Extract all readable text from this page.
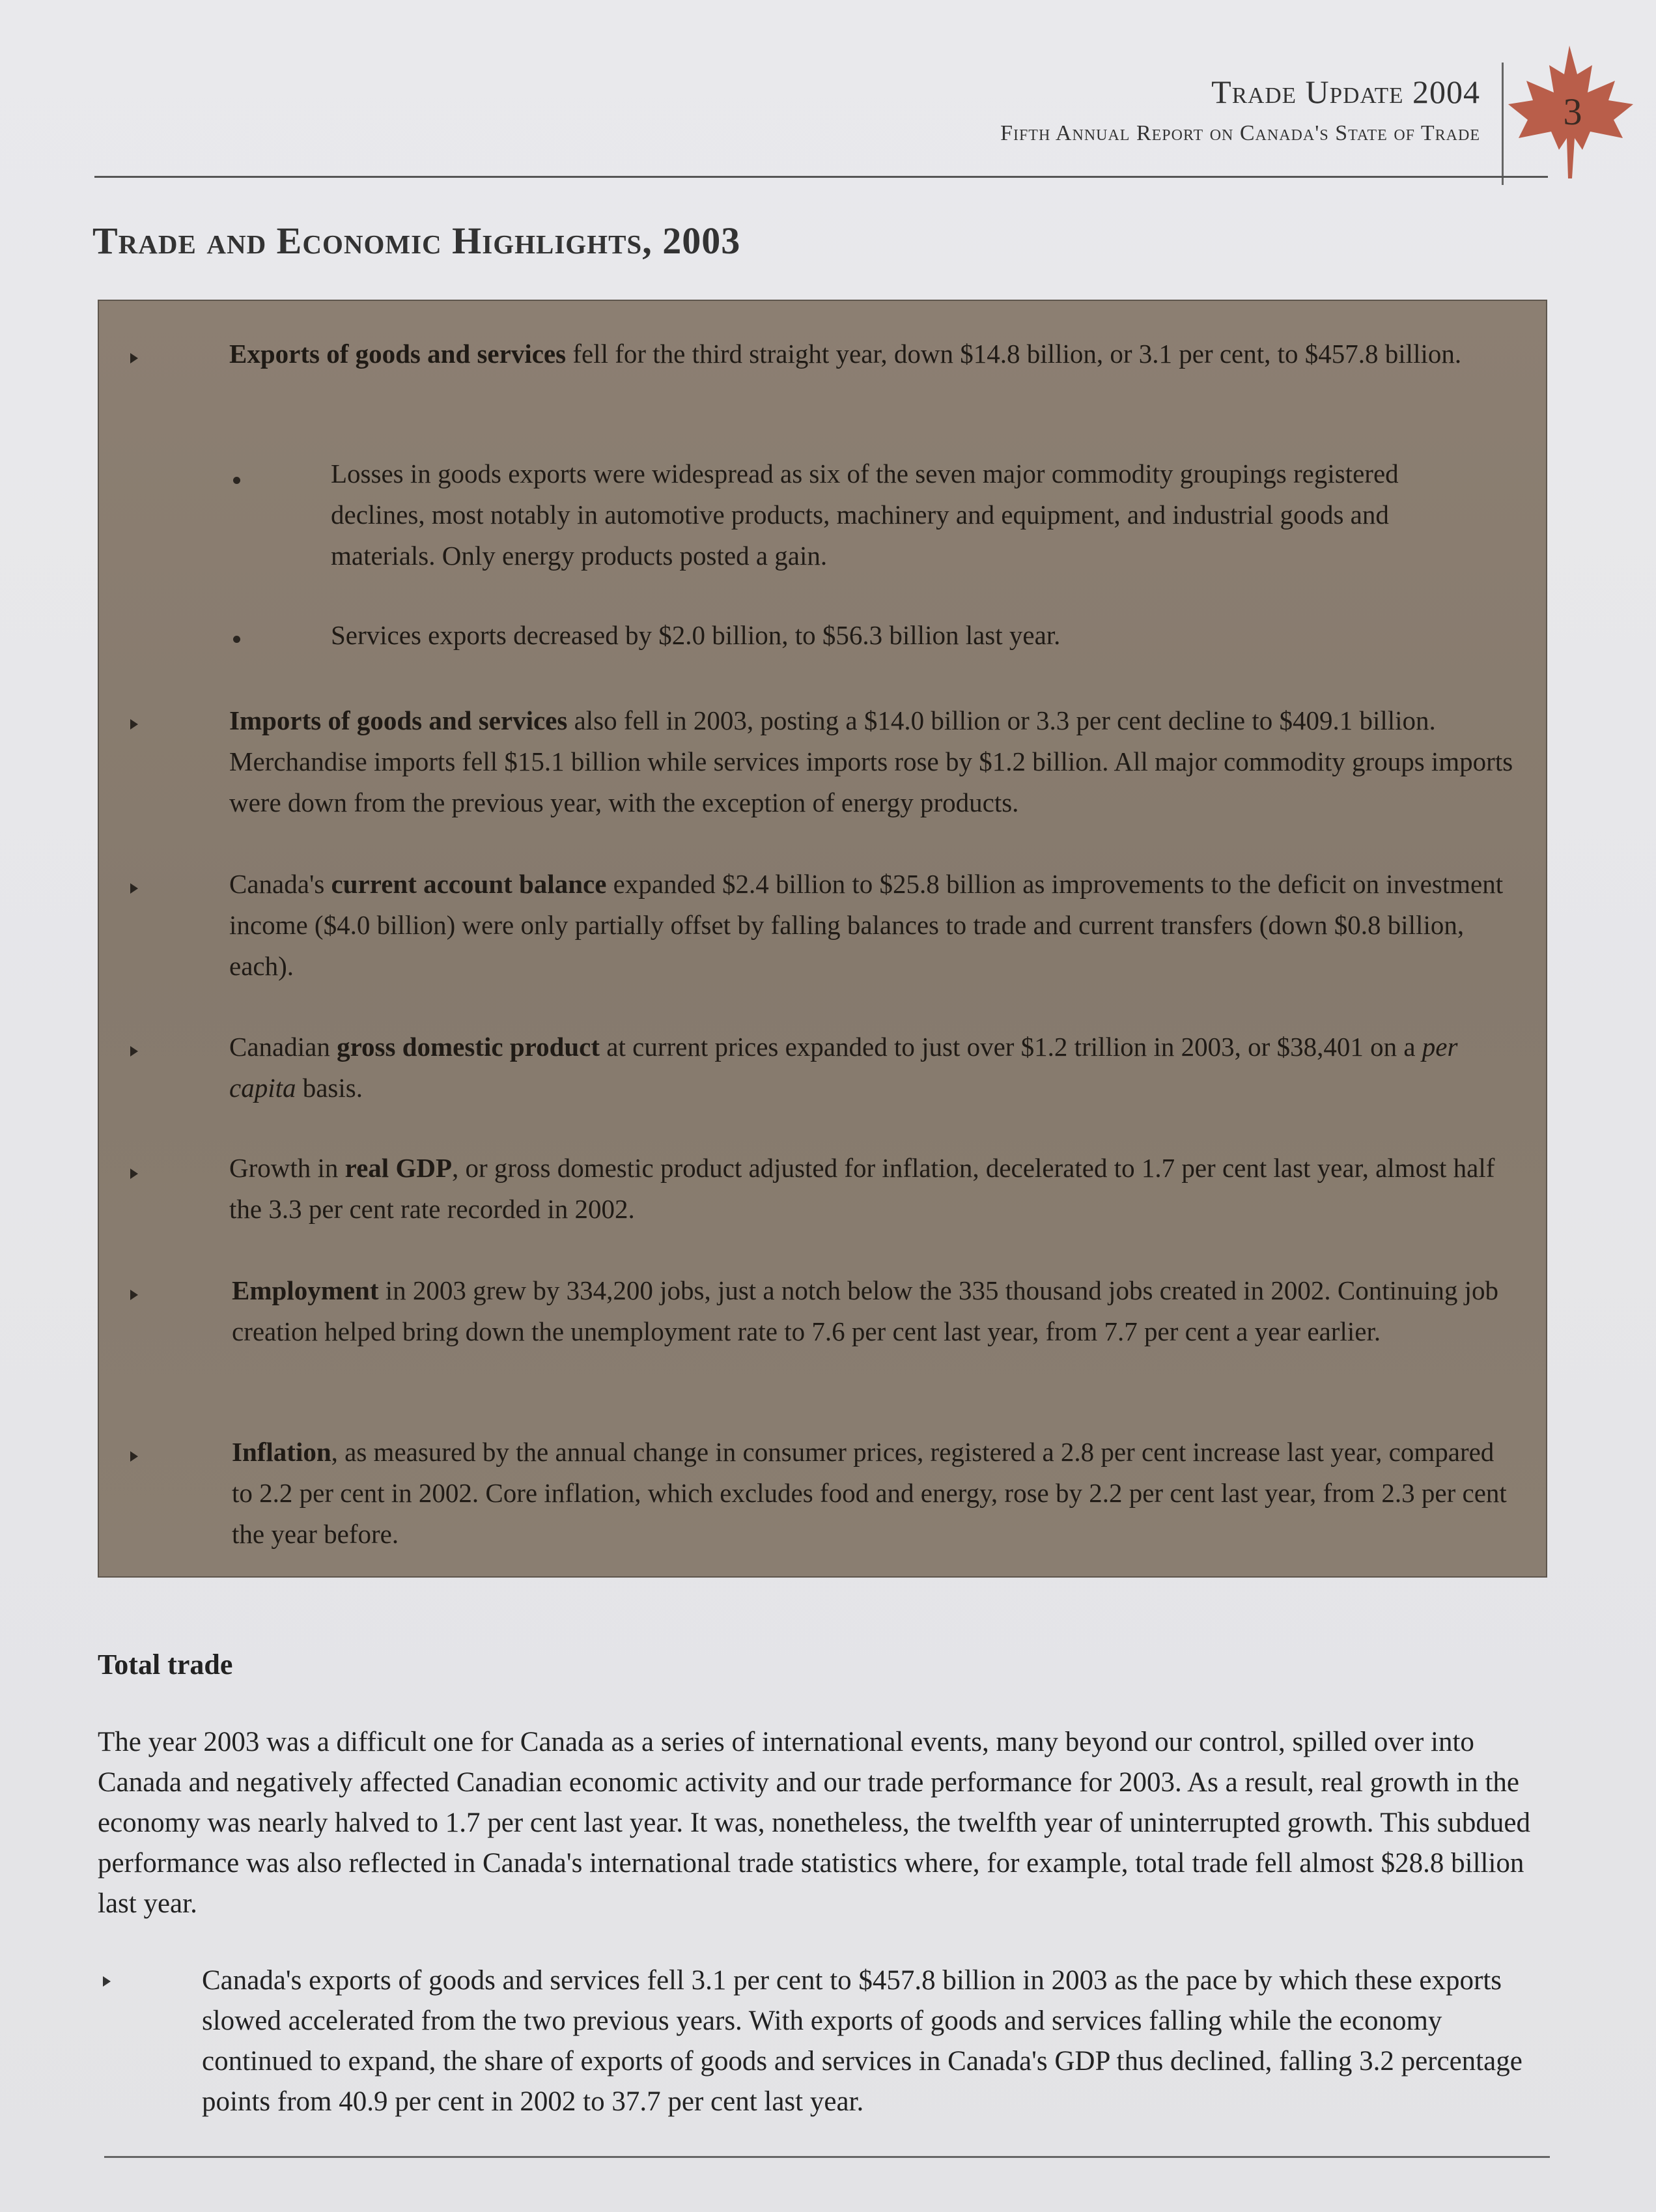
Trade Update 2004
Fifth Annual Report on Canada's State of Trade
3
Trade and Economic Highlights, 2003
Exports of goods and services fell for the third straight year, down $14.8 billion, or 3.1 per cent, to $457.8 billion.
Losses in goods exports were widespread as six of the seven major commodity groupings registered declines, most notably in automotive products, machinery and equipment, and industrial goods and materials. Only energy products posted a gain.
Services exports decreased by $2.0 billion, to $56.3 billion last year.
Imports of goods and services also fell in 2003, posting a $14.0 billion or 3.3 per cent decline to $409.1 billion. Merchandise imports fell $15.1 billion while services imports rose by $1.2 billion. All major commodity groups imports were down from the previous year, with the exception of energy products.
Canada's current account balance expanded $2.4 billion to $25.8 billion as improvements to the deficit on investment income ($4.0 billion) were only partially offset by falling balances to trade and current transfers (down $0.8 billion, each).
Canadian gross domestic product at current prices expanded to just over $1.2 trillion in 2003, or $38,401 on a per capita basis.
Growth in real GDP, or gross domestic product adjusted for inflation, decelerated to 1.7 per cent last year, almost half the 3.3 per cent rate recorded in 2002.
Employment in 2003 grew by 334,200 jobs, just a notch below the 335 thousand jobs created in 2002. Continuing job creation helped bring down the unemployment rate to 7.6 per cent last year, from 7.7 per cent a year earlier.
Inflation, as measured by the annual change in consumer prices, registered a 2.8 per cent increase last year, compared to 2.2 per cent in 2002. Core inflation, which excludes food and energy, rose by 2.2 per cent last year, from 2.3 per cent the year before.
Total trade
The year 2003 was a difficult one for Canada as a series of international events, many beyond our control, spilled over into Canada and negatively affected Canadian economic activity and our trade performance for 2003. As a result, real growth in the economy was nearly halved to 1.7 per cent last year. It was, nonetheless, the twelfth year of uninterrupted growth. This subdued performance was also reflected in Canada's international trade statistics where, for example, total trade fell almost $28.8 billion last year.
Canada's exports of goods and services fell 3.1 per cent to $457.8 billion in 2003 as the pace by which these exports slowed accelerated from the two previous years. With exports of goods and services falling while the economy continued to expand, the share of exports of goods and services in Canada's GDP thus declined, falling 3.2 percentage points from 40.9 per cent in 2002 to 37.7 per cent last year.
